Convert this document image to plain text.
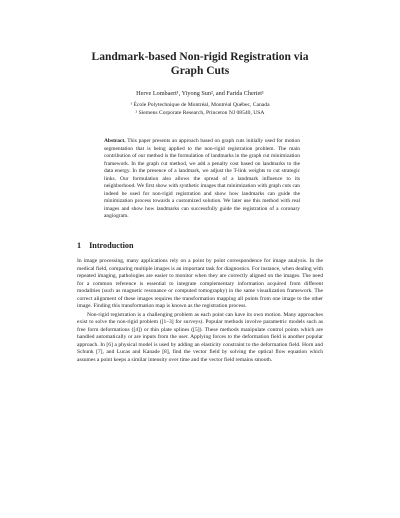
Landmark-based Non-rigid Registration via
Graph Cuts
Herve Lombaert¹, Yiyong Sun², and Farida Cheriet¹
¹ École Polytechnique de Montréal, Montréal Québec, Canada
² Siemens Corporate Research, Princeton NJ 08540, USA
Abstract. This paper presents an approach based on graph cuts initially used for motion segmentation that is being applied to the non-rigid registration problem. The main contribution of our method is the formulation of landmarks in the graph cut minimization framework. In the graph cut method, we add a penalty cost based on landmarks to the data energy. In the presence of a landmark, we adjust the T-link weights to cut strategic links. Our formulation also allows the spread of a landmark influence to its neighborhood. We first show with synthetic images that minimization with graph cuts can indeed be used for non-rigid registration and show how landmarks can guide the minimization process towards a customized solution. We later use this method with real images and show how landmarks can successfully guide the registration of a coronary angiogram.
1 Introduction

In image processing, many applications rely on a point by point correspondence for image analysis. In the medical field, comparing multiple images is an important task for diagnostics. For instance, when dealing with repeated imaging, pathologies are easier to monitor when they are correctly aligned on the images. The need for a common reference is essential to integrate complementary information acquired from different modalities (such as magnetic resonance or computed tomography) in the same visualization framework. The correct alignment of these images requires the transformation mapping all points from one image to the other image. Finding this transformation map is known as the registration process.

Non-rigid registration is a challenging problem as each point can have its own motion. Many approaches exist to solve the non-rigid problem ([1–3] for surveys). Popular methods involve parametric models such as free form deformations ([4]) or thin plate splines ([5]). These methods manipulate control points which are handled automatically or are inputs from the user. Applying forces to the deformation field is another popular approach. In [6] a physical model is used by adding an elasticity constraint to the deformation field. Horn and Schunk [7], and Lucas and Kanade [8], find the vector field by solving the optical flow equation which assumes a point keeps a similar intensity over time and the vector field remains smooth.
